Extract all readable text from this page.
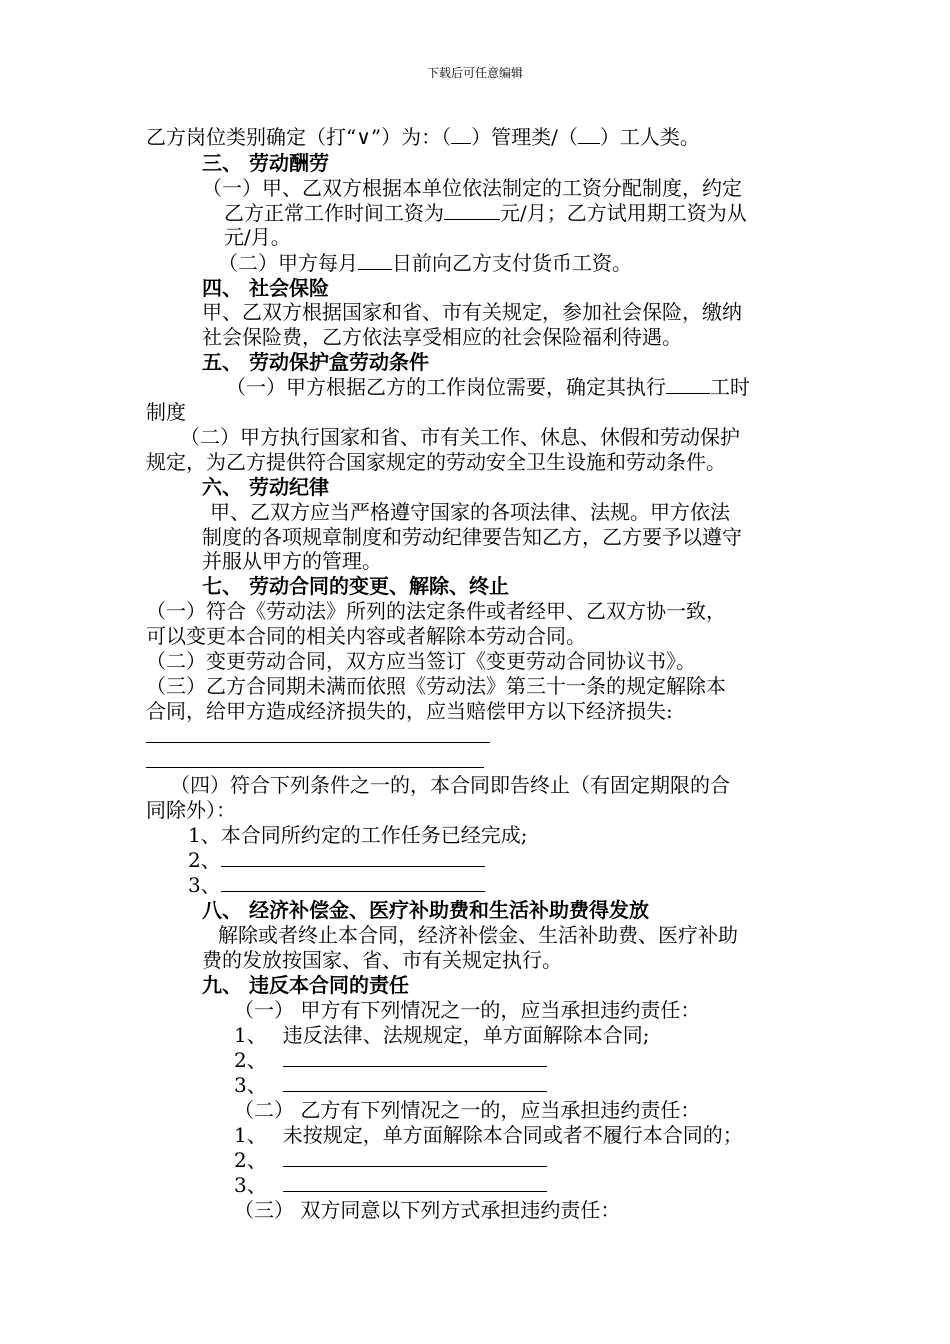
下载后可任意编辑
乙方岗位类别确定（打“∨”）为：（ ）管理类/（ ）工人类。
三、 劳动酬劳
（一）甲、乙双方根据本单位依法制定的工资分配制度，约定
乙方正常工作时间工资为	元/月；乙方试用期工资为从
元/月。
（二）甲方每月 日前向乙方支付货币工资。
四、 社会保险
甲、乙双方根据国家和省、市有关规定，参加社会保险，缴纳
社会保险费，乙方依法享受相应的社会保险福利待遇。
五、 劳动保护盒劳动条件
（一）甲方根据乙方的工作岗位需要，确定其执行 工时
制度
（二）甲方执行国家和省、市有关工作、休息、休假和劳动保护
规定，为乙方提供符合国家规定的劳动安全卫生设施和劳动条件。
六、 劳动纪律
甲、乙双方应当严格遵守国家的各项法律、法规。甲方依法
制度的各项规章制度和劳动纪律要告知乙方，乙方要予以遵守
并服从甲方的管理。
七、 劳动合同的变更、解除、终止
（一）符合《劳动法》所列的法定条件或者经甲、乙双方协一致，
可以变更本合同的相关内容或者解除本劳动合同。
（二）变更劳动合同，双方应当签订《变更劳动合同协议书》。
（三）乙方合同期未满而依照《劳动法》第三十一条的规定解除本
合同，给甲方造成经济损失的，应当赔偿甲方以下经济损失:
（四）符合下列条件之一的，本合同即告终止（有固定期限的合
同除外）：
1、本合同所约定的工作任务已经完成;
2、
3、
八、 经济补偿金、医疗补助费和生活补助费得发放
解除或者终止本合同，经济补偿金、生活补助费、医疗补助
费的发放按国家、省、市有关规定执行。
九、 违反本合同的责任
（一） 甲方有下列情况之一的，应当承担违约责任：
1、 违反法律、法规规定，单方面解除本合同;
2、
3、
（二） 乙方有下列情况之一的，应当承担违约责任：
1、 未按规定，单方面解除本合同或者不履行本合同的；
2、
3、
（三） 双方同意以下列方式承担违约责任：
